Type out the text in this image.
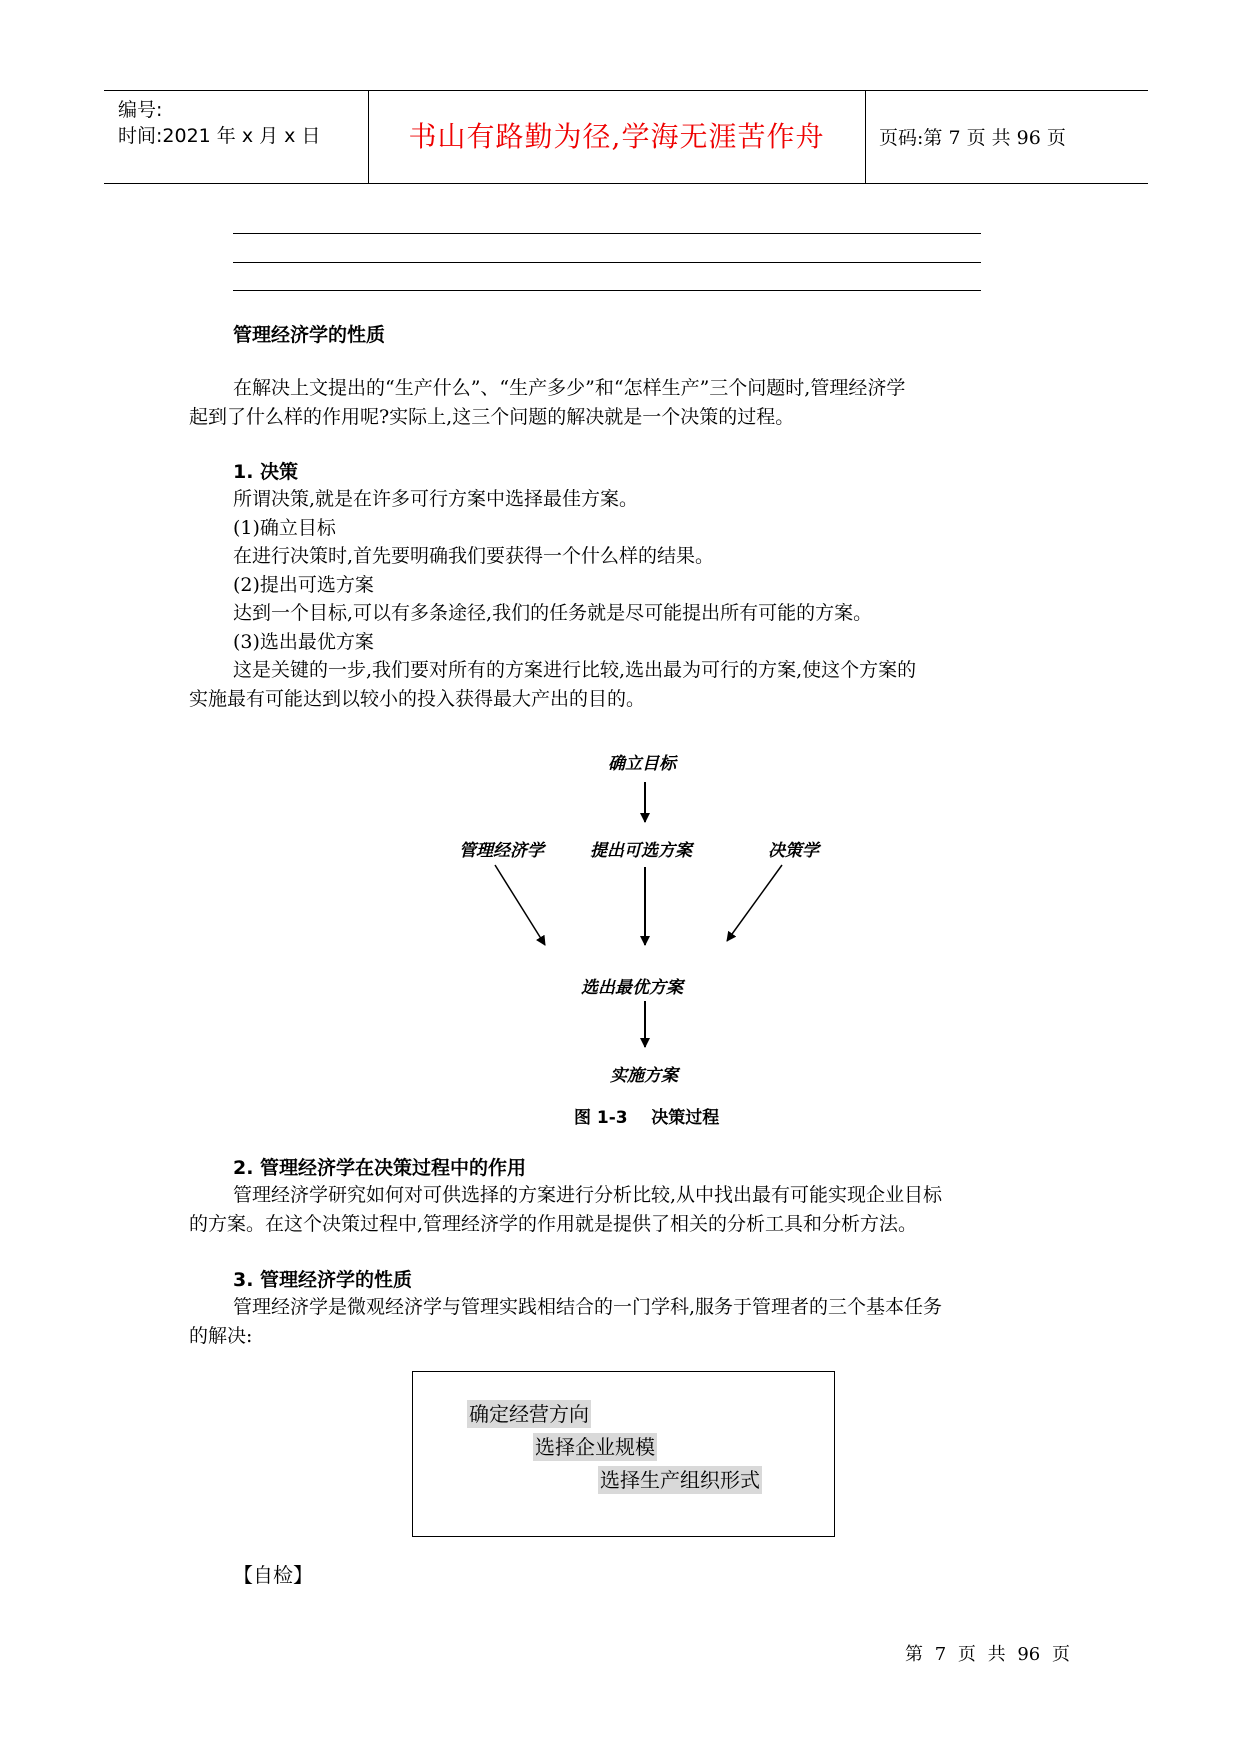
编号:
时间:2021 年 x 月 x 日	书山有路勤为径,学海无涯苦作舟	页码:第 7 页 共 96 页
管理经济学的性质
在解决上文提出的“生产什么”、“生产多少”和“怎样生产”三个问题时,管理经济学
起到了什么样的作用呢?实际上,这三个问题的解决就是一个决策的过程。
1. 决策
所谓决策,就是在许多可行方案中选择最佳方案。
(1)确立目标
在进行决策时,首先要明确我们要获得一个什么样的结果。
(2)提出可选方案
达到一个目标,可以有多条途径,我们的任务就是尽可能提出所有可能的方案。
(3)选出最优方案
这是关键的一步,我们要对所有的方案进行比较,选出最为可行的方案,使这个方案的
实施最有可能达到以较小的投入获得最大产出的目的。
确立目标
管理经济学	提出可选方案	决策学
选出最优方案
实施方案
图 1-3    决策过程
2. 管理经济学在决策过程中的作用
管理经济学研究如何对可供选择的方案进行分析比较,从中找出最有可能实现企业目标
的方案。在这个决策过程中,管理经济学的作用就是提供了相关的分析工具和分析方法。
3. 管理经济学的性质
管理经济学是微观经济学与管理实践相结合的一门学科,服务于管理者的三个基本任务
的解决:
确定经营方向
选择企业规模
选择生产组织形式
【自检】
第 7 页 共 96 页
